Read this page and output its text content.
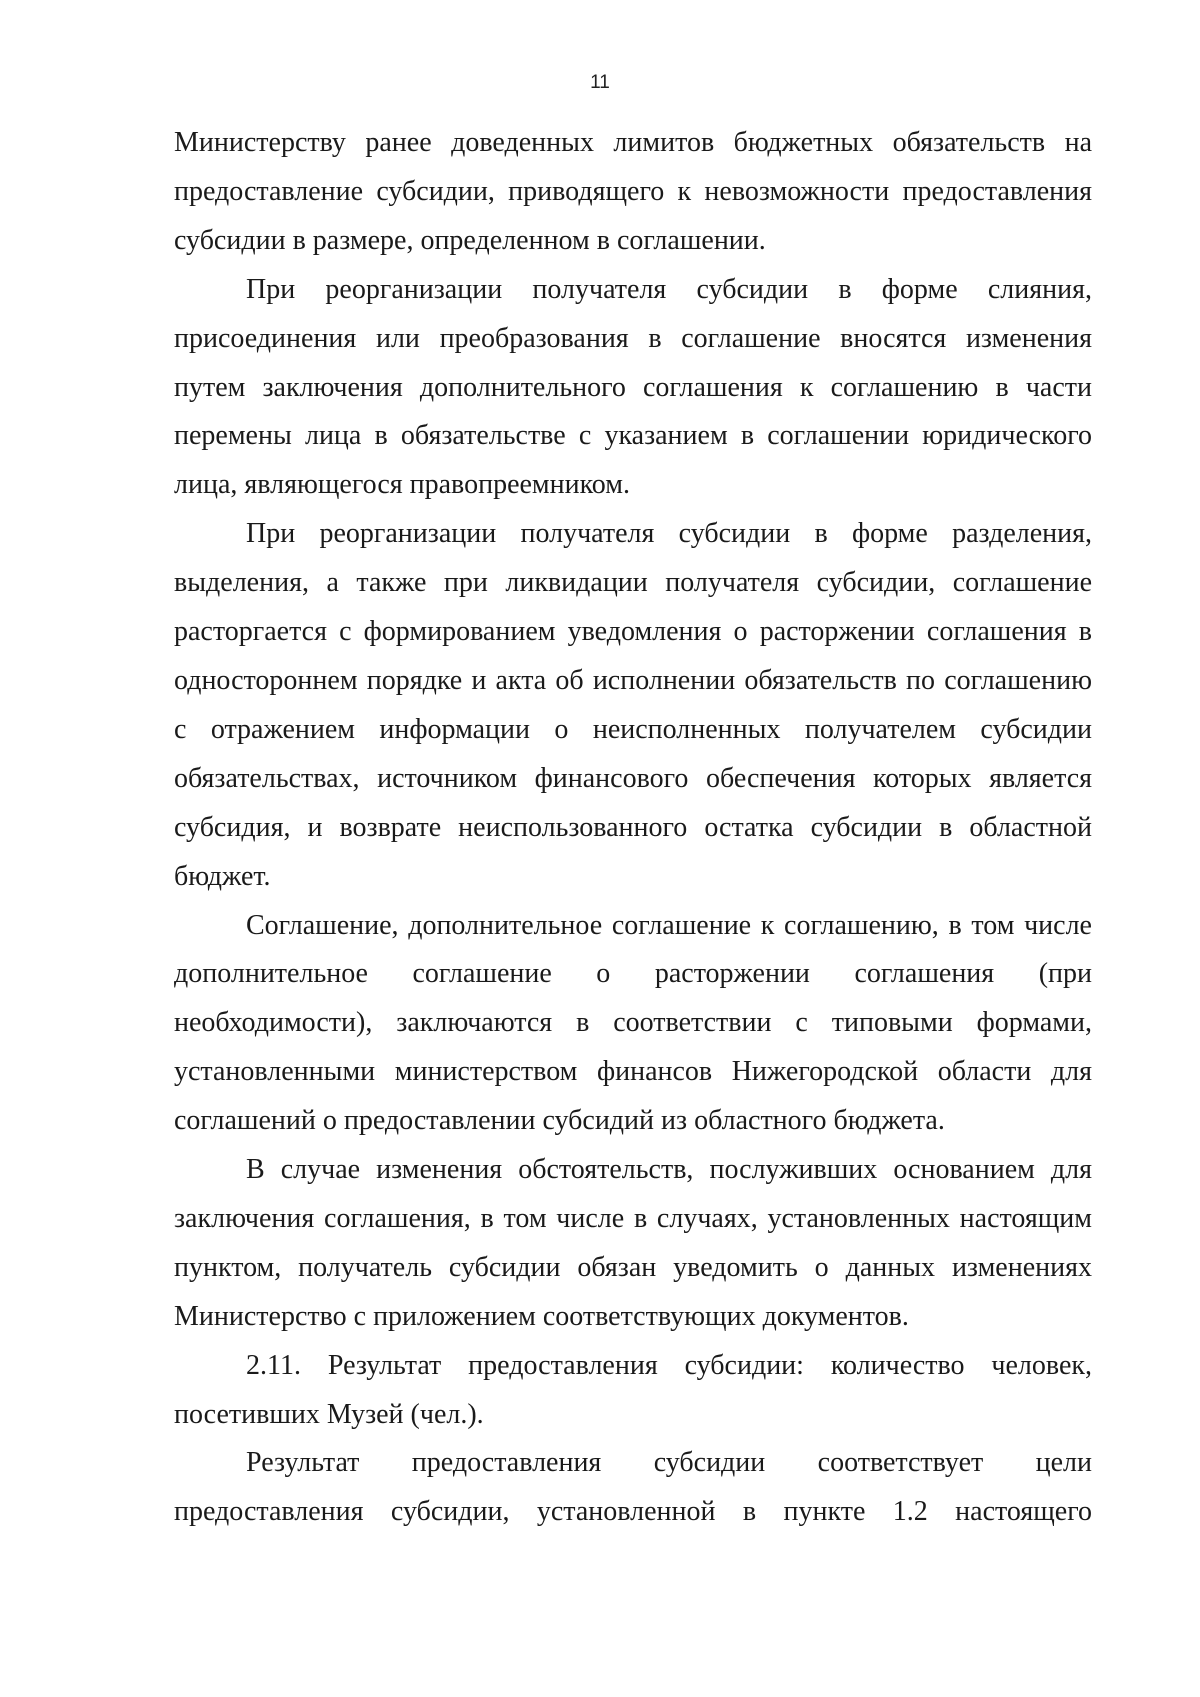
11

Министерству ранее доведенных лимитов бюджетных обязательств на предоставление субсидии, приводящего к невозможности предоставления субсидии в размере, определенном в соглашении.

При реорганизации получателя субсидии в форме слияния, присоединения или преобразования в соглашение вносятся изменения путем заключения дополнительного соглашения к соглашению в части перемены лица в обязательстве с указанием в соглашении юридического лица, являющегося правопреемником.

При реорганизации получателя субсидии в форме разделения, выделения, а также при ликвидации получателя субсидии, соглашение расторгается с формированием уведомления о расторжении соглашения в одностороннем порядке и акта об исполнении обязательств по соглашению с отражением информации о неисполненных получателем субсидии обязательствах, источником финансового обеспечения которых является субсидия, и возврате неиспользованного остатка субсидии в областной бюджет.

Соглашение, дополнительное соглашение к соглашению, в том числе дополнительное соглашение о расторжении соглашения (при необходимости), заключаются в соответствии с типовыми формами, установленными министерством финансов Нижегородской области для соглашений о предоставлении субсидий из областного бюджета.

В случае изменения обстоятельств, послуживших основанием для заключения соглашения, в том числе в случаях, установленных настоящим пунктом, получатель субсидии обязан уведомить о данных изменениях Министерство с приложением соответствующих документов.

2.11. Результат предоставления субсидии: количество человек, посетивших Музей (чел.).

Результат предоставления субсидии соответствует цели предоставления субсидии, установленной в пункте 1.2 настоящего
